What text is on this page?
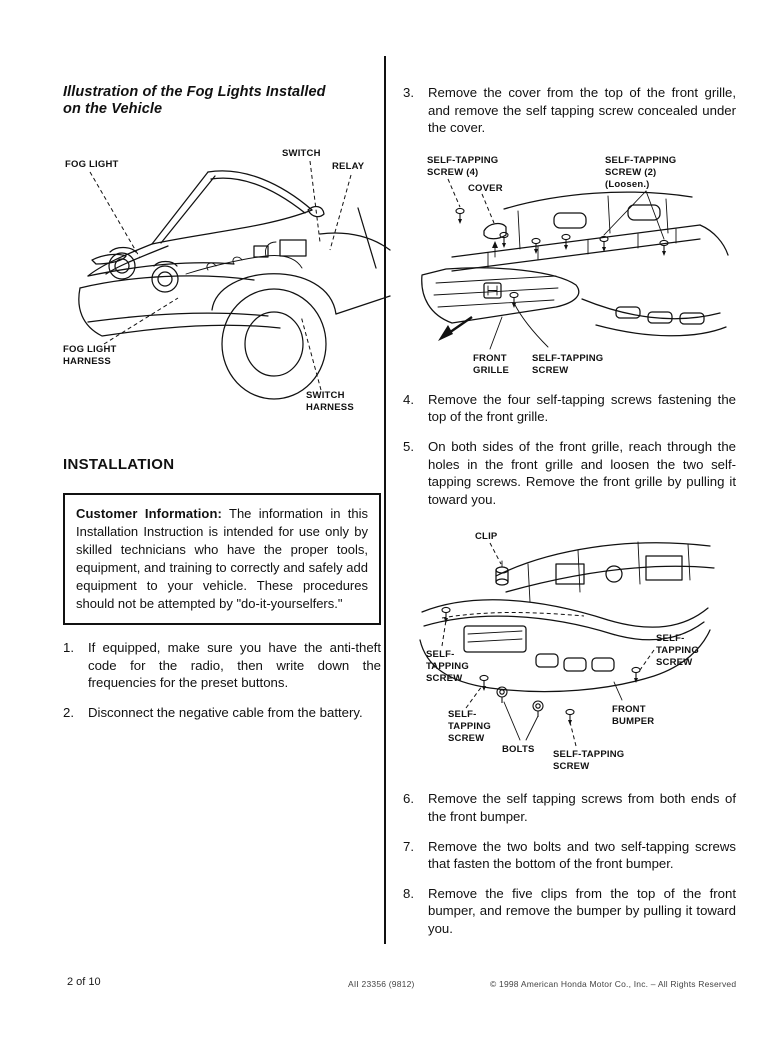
Illustration of the Fog Lights Installed
on the Vehicle
FOG LIGHT
SWITCH
RELAY
FOG LIGHT
HARNESS
SWITCH
HARNESS
INSTALLATION
Customer Information: The information in this Installation Instruction is intended for use only by skilled technicians who have the proper tools, equipment, and training to correctly and safely add equipment to your vehicle. These procedures should not be attempted by "do-it-yourselfers."
1.	If equipped, make sure you have the anti-theft code for the radio, then write down the frequencies for the preset buttons.
2.	Disconnect the negative cable from the battery.
3.	Remove the cover from the top of the front grille, and remove the self tapping screw concealed under the cover.
SELF-TAPPING
SCREW (4)
COVER
SELF-TAPPING
SCREW (2)
(Loosen.)
FRONT
GRILLE
SELF-TAPPING
SCREW
4.	Remove the four self-tapping screws fastening the top of the front grille.
5.	On both sides of the front grille, reach through the holes in the front grille and loosen the two self-tapping screws. Remove the front grille by pulling it toward you.
CLIP
SELF-
TAPPING
SCREW
SELF-
TAPPING
SCREW
BOLTS SELF-TAPPING
SCREW
FRONT
BUMPER
SELF-
TAPPING
SCREW
6.	Remove the self tapping screws from both ends of the front bumper.
7.	Remove the two bolts and two self-tapping screws that fasten the bottom of the front bumper.
8.	Remove the five clips from the top of the front bumper, and remove the bumper by pulling it toward you.
2 of 10	AII 23356 (9812)	© 1998 American Honda Motor Co., Inc. – All Rights Reserved
